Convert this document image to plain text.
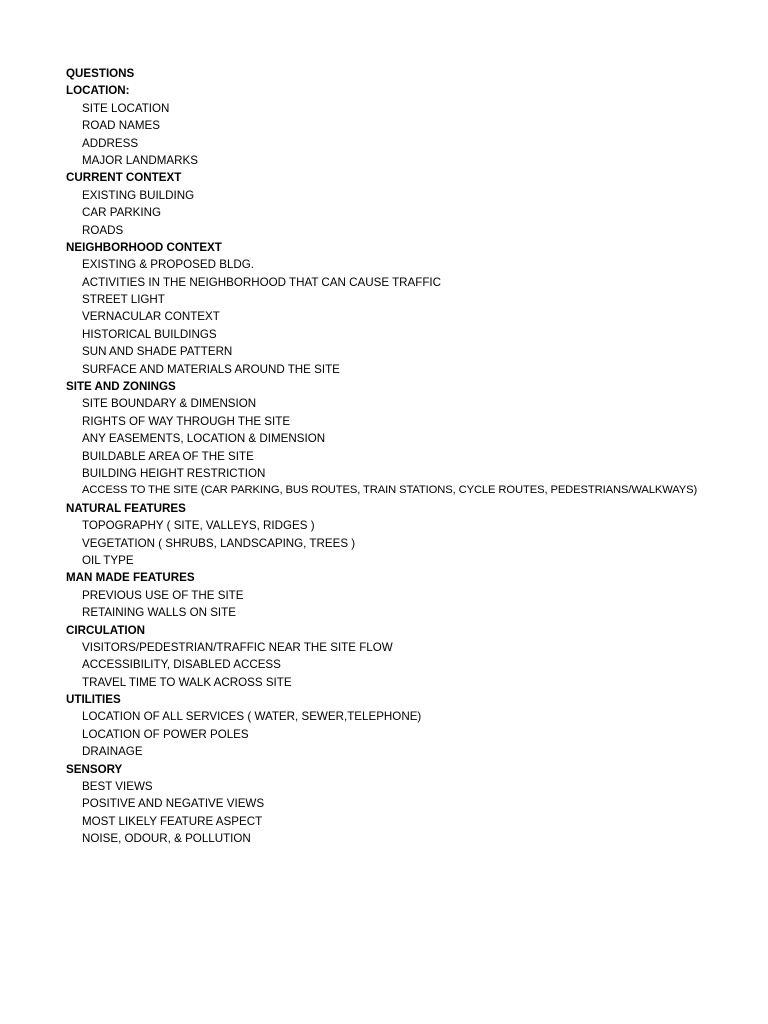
QUESTIONS
LOCATION:
SITE LOCATION
ROAD NAMES
ADDRESS
MAJOR LANDMARKS
CURRENT CONTEXT
EXISTING BUILDING
CAR PARKING
ROADS
NEIGHBORHOOD CONTEXT
EXISTING & PROPOSED BLDG.
ACTIVITIES IN THE NEIGHBORHOOD THAT CAN CAUSE TRAFFIC
STREET LIGHT
VERNACULAR CONTEXT
HISTORICAL BUILDINGS
SUN AND SHADE PATTERN
SURFACE AND MATERIALS AROUND THE SITE
SITE AND ZONINGS
SITE BOUNDARY & DIMENSION
RIGHTS OF WAY THROUGH THE SITE
ANY EASEMENTS, LOCATION & DIMENSION
BUILDABLE AREA OF THE SITE
BUILDING HEIGHT RESTRICTION
ACCESS TO THE SITE (CAR PARKING, BUS ROUTES, TRAIN STATIONS, CYCLE ROUTES, PEDESTRIANS/WALKWAYS)
NATURAL FEATURES
TOPOGRAPHY ( SITE, VALLEYS, RIDGES )
VEGETATION ( SHRUBS, LANDSCAPING, TREES )
OIL TYPE
MAN MADE FEATURES
PREVIOUS USE OF THE SITE
RETAINING WALLS ON SITE
CIRCULATION
VISITORS/PEDESTRIAN/TRAFFIC NEAR THE SITE FLOW
ACCESSIBILITY, DISABLED ACCESS
TRAVEL TIME TO WALK ACROSS SITE
UTILITIES
LOCATION OF ALL SERVICES ( WATER, SEWER,TELEPHONE)
LOCATION OF POWER POLES
DRAINAGE
SENSORY
BEST VIEWS
POSITIVE AND NEGATIVE VIEWS
MOST LIKELY FEATURE ASPECT
NOISE, ODOUR, & POLLUTION
